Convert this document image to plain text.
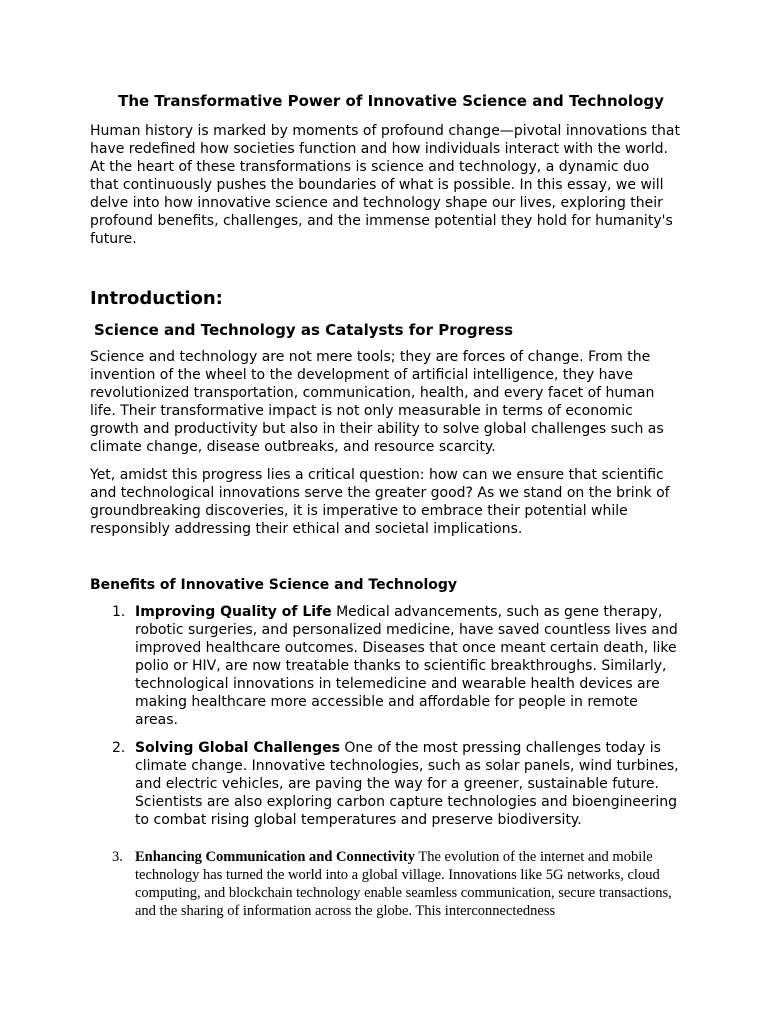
The Transformative Power of Innovative Science and Technology

Human history is marked by moments of profound change—pivotal innovations that have redefined how societies function and how individuals interact with the world. At the heart of these transformations is science and technology, a dynamic duo that continuously pushes the boundaries of what is possible. In this essay, we will delve into how innovative science and technology shape our lives, exploring their profound benefits, challenges, and the immense potential they hold for humanity's future.

Introduction:
Science and Technology as Catalysts for Progress

Science and technology are not mere tools; they are forces of change. From the invention of the wheel to the development of artificial intelligence, they have revolutionized transportation, communication, health, and every facet of human life. Their transformative impact is not only measurable in terms of economic growth and productivity but also in their ability to solve global challenges such as climate change, disease outbreaks, and resource scarcity.

Yet, amidst this progress lies a critical question: how can we ensure that scientific and technological innovations serve the greater good? As we stand on the brink of groundbreaking discoveries, it is imperative to embrace their potential while responsibly addressing their ethical and societal implications.

Benefits of Innovative Science and Technology
1. Improving Quality of Life Medical advancements, such as gene therapy, robotic surgeries, and personalized medicine, have saved countless lives and improved healthcare outcomes. Diseases that once meant certain death, like polio or HIV, are now treatable thanks to scientific breakthroughs. Similarly, technological innovations in telemedicine and wearable health devices are making healthcare more accessible and affordable for people in remote areas.
2. Solving Global Challenges One of the most pressing challenges today is climate change. Innovative technologies, such as solar panels, wind turbines, and electric vehicles, are paving the way for a greener, sustainable future. Scientists are also exploring carbon capture technologies and bioengineering to combat rising global temperatures and preserve biodiversity.
3. Enhancing Communication and Connectivity The evolution of the internet and mobile technology has turned the world into a global village. Innovations like 5G networks, cloud computing, and blockchain technology enable seamless communication, secure transactions, and the sharing of information across the globe. This interconnectedness
